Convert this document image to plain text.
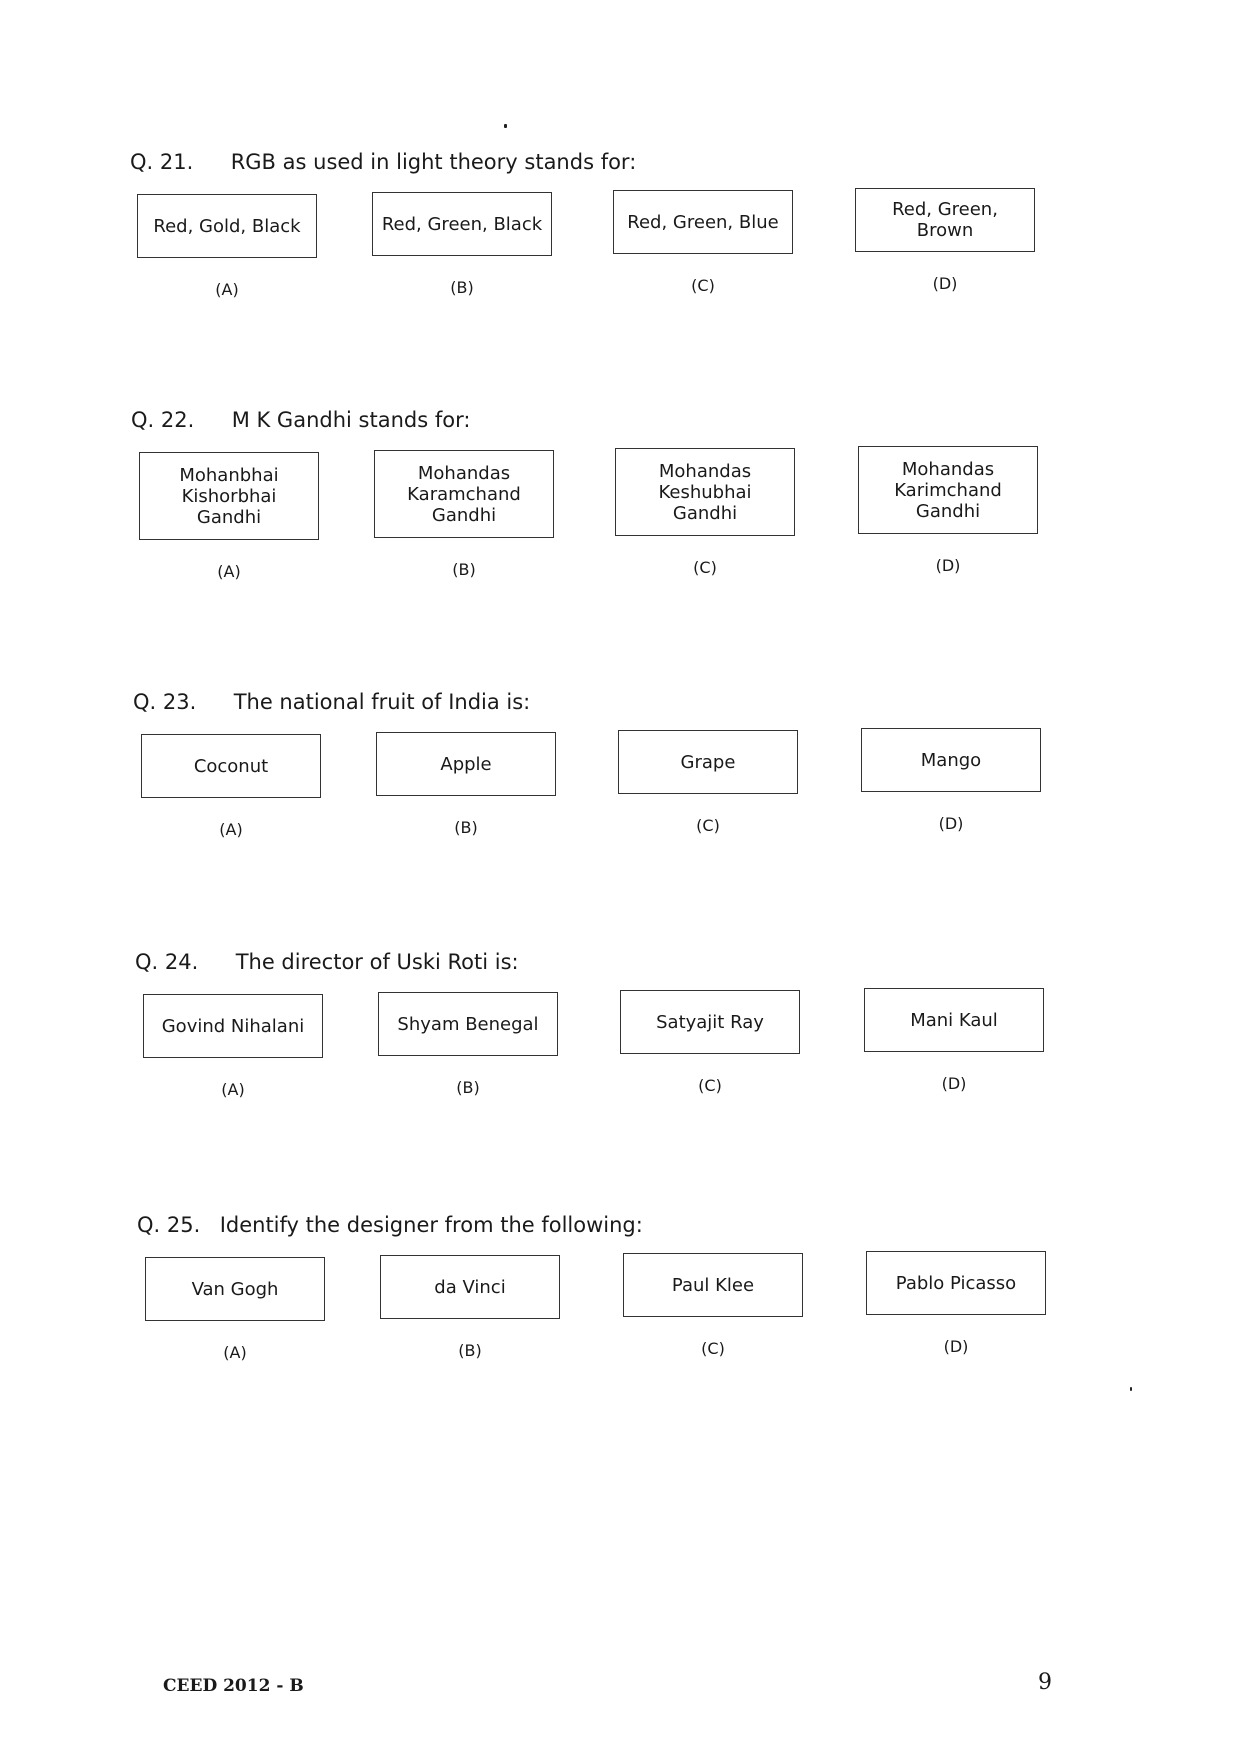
Q. 21. RGB as used in light theory stands for:
Red, Gold, Black	Red, Green, Black	Red, Green, Blue
Red, Green, Brown
(A)	(B)	(C)	(D)
Q. 22. M K Gandhi stands for:
Mohanbhai Kishorbhai Gandhi
Mohandas Karamchand Gandhi
Mohandas Keshubhai Gandhi
Mohandas Karimchand Gandhi
(A)	(B)	(C)	(D)
Q. 23. The national fruit of India is:
Coconut	Apple	Grape	Mango
(A)	(B)	(C)	(D)
Q. 24. The director of Uski Roti is:
Govind Nihalani	Shyam Benegal	Satyajit Ray	Mani Kaul
(A)	(B)	(C)	(D)
Q. 25. Identify the designer from the following:
Van Gogh	da Vinci	Paul Klee	Pablo Picasso
(A)	(B)	(C)	(D)
CEED 2012 - B	9
